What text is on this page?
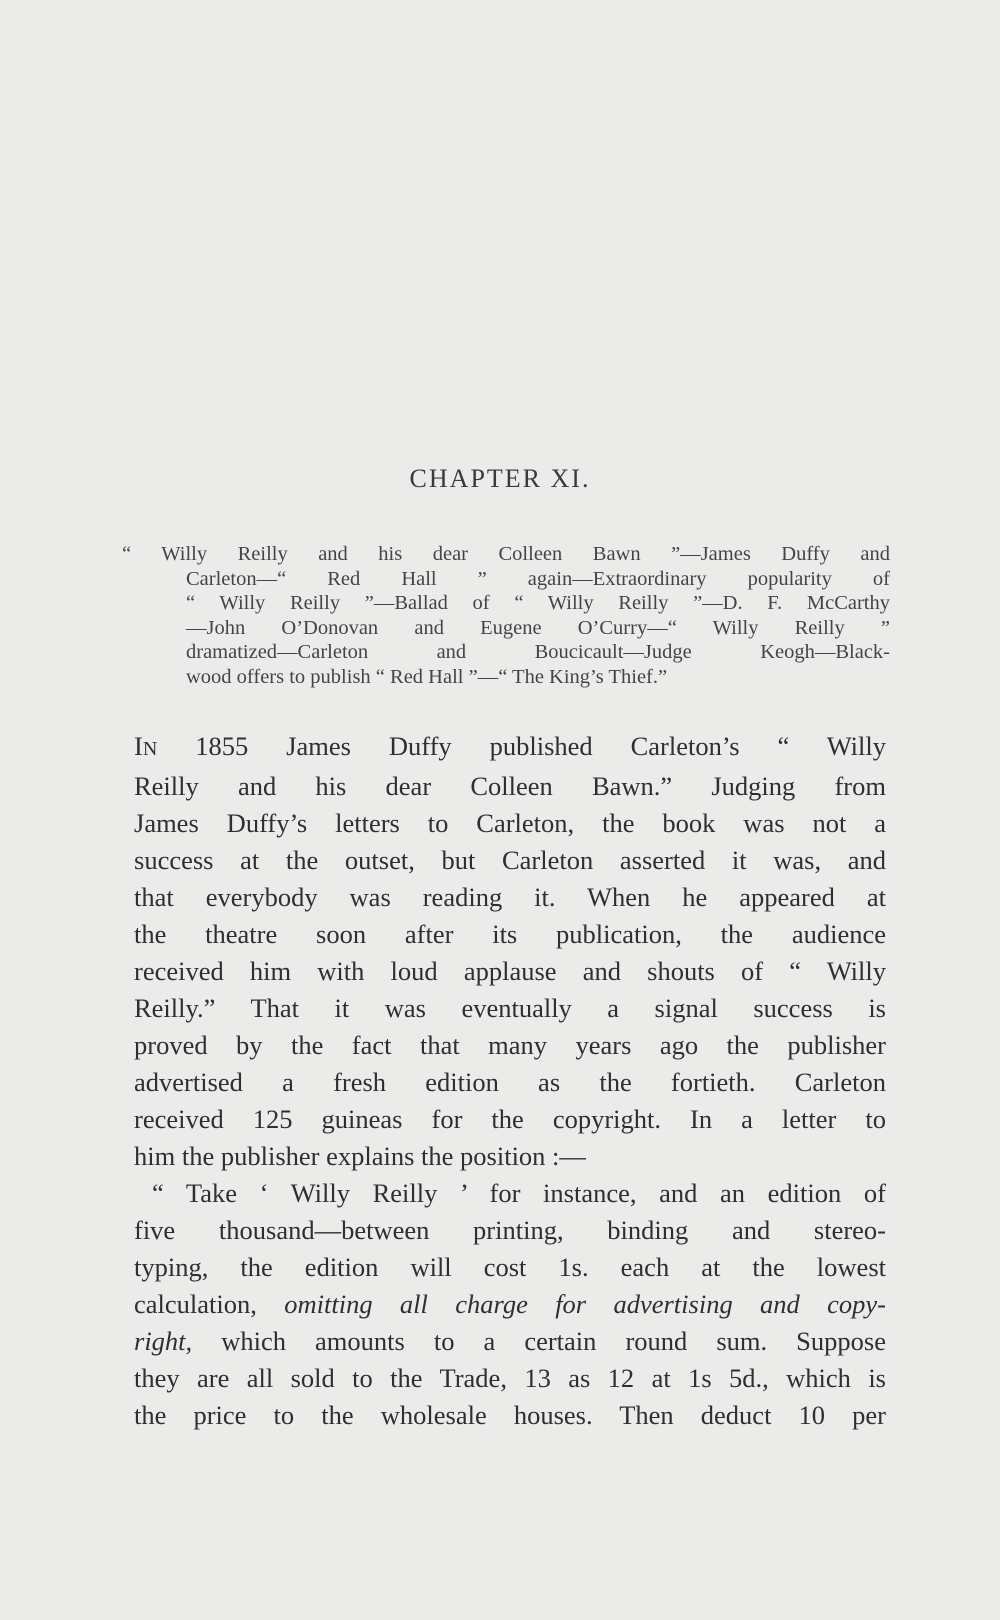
CHAPTER XI.
“ Willy Reilly and his dear Colleen Bawn ”—James Duffy and
Carleton—“ Red Hall ” again—Extraordinary popularity of
“ Willy Reilly ”—Ballad of “ Willy Reilly ”—D. F. McCarthy
—John O’Donovan and Eugene O’Curry—“ Willy Reilly ”
dramatized—Carleton and Boucicault—Judge Keogh—Black-
wood offers to publish “ Red Hall ”—“ The King’s Thief.”
IN 1855 James Duffy published Carleton’s “ Willy
Reilly and his dear Colleen Bawn.” Judging from
James Duffy’s letters to Carleton, the book was not a
success at the outset, but Carleton asserted it was, and
that everybody was reading it. When he appeared at
the theatre soon after its publication, the audience
received him with loud applause and shouts of “ Willy
Reilly.” That it was eventually a signal success is
proved by the fact that many years ago the publisher
advertised a fresh edition as the fortieth. Carleton
received 125 guineas for the copyright. In a letter to
him the publisher explains the position :—
“ Take ‘ Willy Reilly ’ for instance, and an edition of
five thousand—between printing, binding and stereo-
typing, the edition will cost 1s. each at the lowest
calculation, omitting all charge for advertising and copy-
right, which amounts to a certain round sum. Suppose
they are all sold to the Trade, 13 as 12 at 1s 5d., which is
the price to the wholesale houses. Then deduct 10 per
